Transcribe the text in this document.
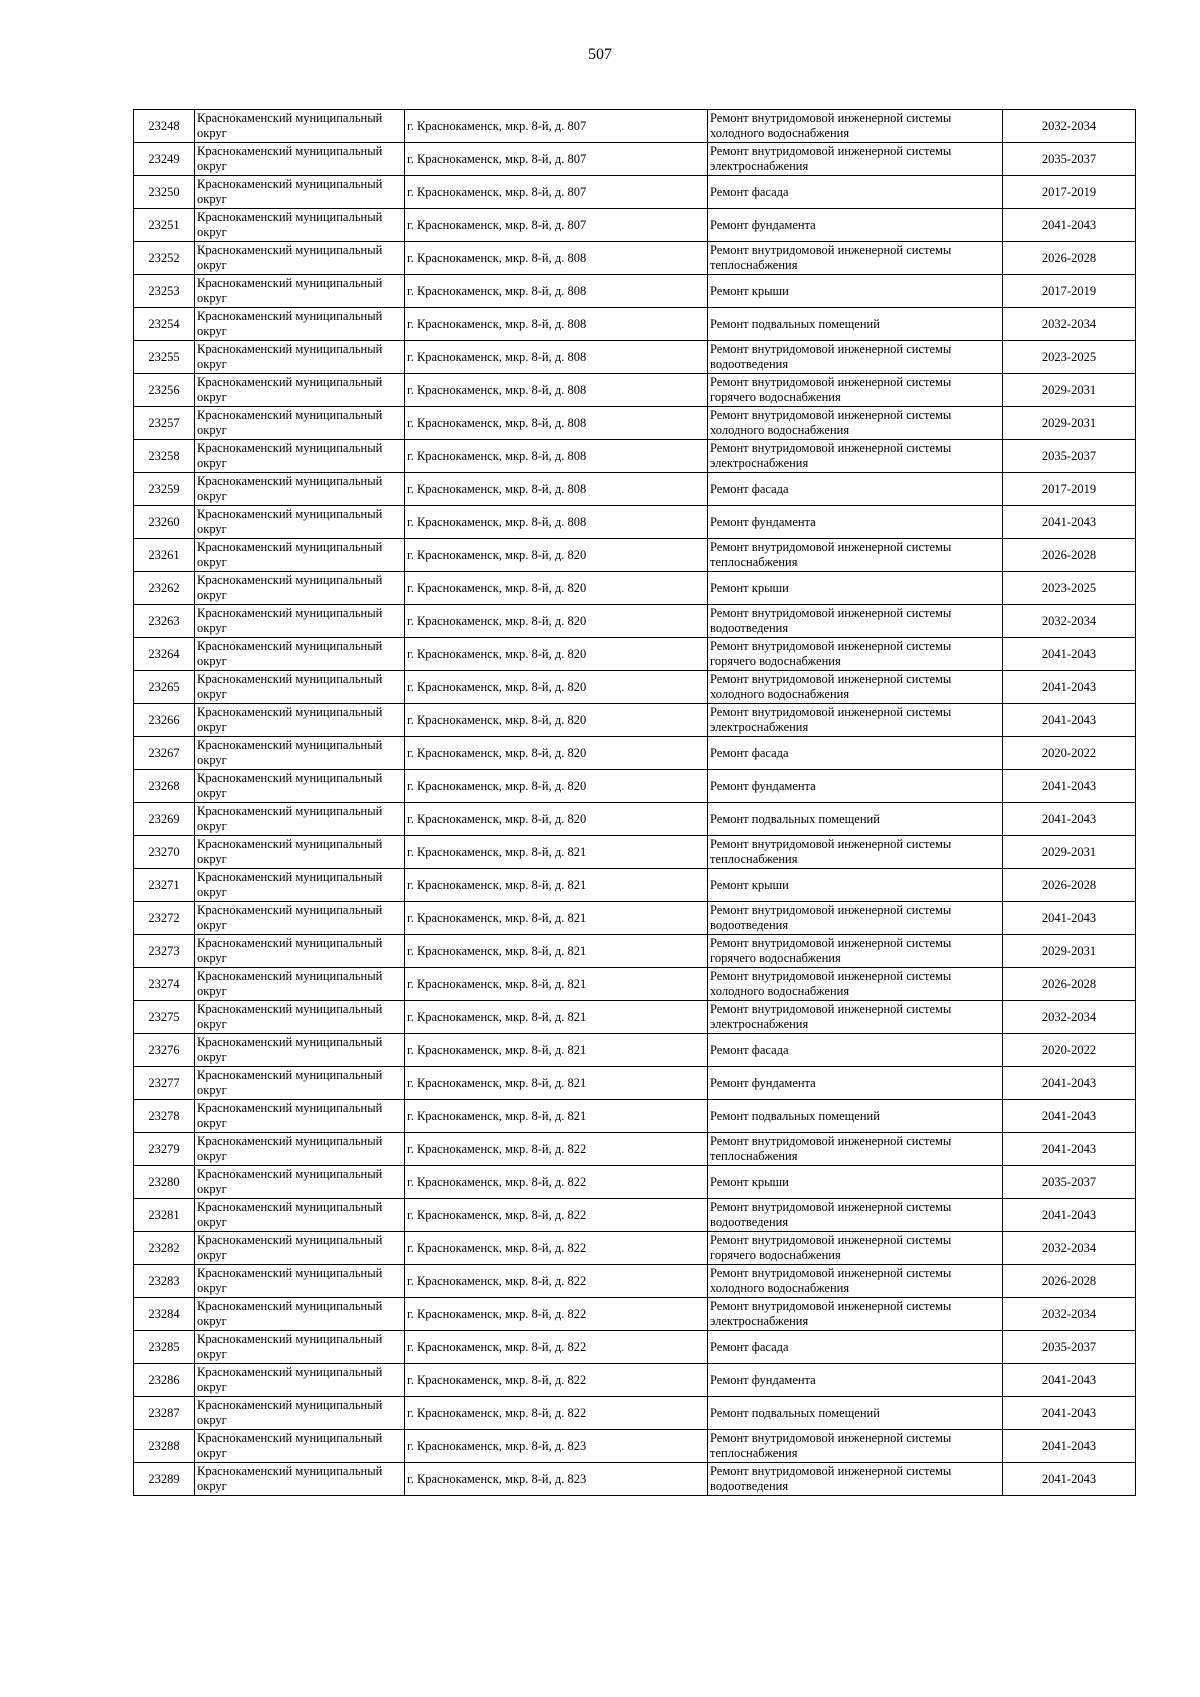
507
23248	Краснокаменский муниципальный округ	г. Краснокаменск, мкр. 8-й, д. 807	Ремонт внутридомовой инженерной системы холодного водоснабжения	2032-2034
23249	Краснокаменский муниципальный округ	г. Краснокаменск, мкр. 8-й, д. 807	Ремонт внутридомовой инженерной системы электроснабжения	2035-2037
23250	Краснокаменский муниципальный округ	г. Краснокаменск, мкр. 8-й, д. 807	Ремонт фасада	2017-2019
23251	Краснокаменский муниципальный округ	г. Краснокаменск, мкр. 8-й, д. 807	Ремонт фундамента	2041-2043
23252	Краснокаменский муниципальный округ	г. Краснокаменск, мкр. 8-й, д. 808	Ремонт внутридомовой инженерной системы теплоснабжения	2026-2028
23253	Краснокаменский муниципальный округ	г. Краснокаменск, мкр. 8-й, д. 808	Ремонт крыши	2017-2019
23254	Краснокаменский муниципальный округ	г. Краснокаменск, мкр. 8-й, д. 808	Ремонт подвальных помещений	2032-2034
23255	Краснокаменский муниципальный округ	г. Краснокаменск, мкр. 8-й, д. 808	Ремонт внутридомовой инженерной системы водоотведения	2023-2025
23256	Краснокаменский муниципальный округ	г. Краснокаменск, мкр. 8-й, д. 808	Ремонт внутридомовой инженерной системы горячего водоснабжения	2029-2031
23257	Краснокаменский муниципальный округ	г. Краснокаменск, мкр. 8-й, д. 808	Ремонт внутридомовой инженерной системы холодного водоснабжения	2029-2031
23258	Краснокаменский муниципальный округ	г. Краснокаменск, мкр. 8-й, д. 808	Ремонт внутридомовой инженерной системы электроснабжения	2035-2037
23259	Краснокаменский муниципальный округ	г. Краснокаменск, мкр. 8-й, д. 808	Ремонт фасада	2017-2019
23260	Краснокаменский муниципальный округ	г. Краснокаменск, мкр. 8-й, д. 808	Ремонт фундамента	2041-2043
23261	Краснокаменский муниципальный округ	г. Краснокаменск, мкр. 8-й, д. 820	Ремонт внутридомовой инженерной системы теплоснабжения	2026-2028
23262	Краснокаменский муниципальный округ	г. Краснокаменск, мкр. 8-й, д. 820	Ремонт крыши	2023-2025
23263	Краснокаменский муниципальный округ	г. Краснокаменск, мкр. 8-й, д. 820	Ремонт внутридомовой инженерной системы водоотведения	2032-2034
23264	Краснокаменский муниципальный округ	г. Краснокаменск, мкр. 8-й, д. 820	Ремонт внутридомовой инженерной системы горячего водоснабжения	2041-2043
23265	Краснокаменский муниципальный округ	г. Краснокаменск, мкр. 8-й, д. 820	Ремонт внутридомовой инженерной системы холодного водоснабжения	2041-2043
23266	Краснокаменский муниципальный округ	г. Краснокаменск, мкр. 8-й, д. 820	Ремонт внутридомовой инженерной системы электроснабжения	2041-2043
23267	Краснокаменский муниципальный округ	г. Краснокаменск, мкр. 8-й, д. 820	Ремонт фасада	2020-2022
23268	Краснокаменский муниципальный округ	г. Краснокаменск, мкр. 8-й, д. 820	Ремонт фундамента	2041-2043
23269	Краснокаменский муниципальный округ	г. Краснокаменск, мкр. 8-й, д. 820	Ремонт подвальных помещений	2041-2043
23270	Краснокаменский муниципальный округ	г. Краснокаменск, мкр. 8-й, д. 821	Ремонт внутридомовой инженерной системы теплоснабжения	2029-2031
23271	Краснокаменский муниципальный округ	г. Краснокаменск, мкр. 8-й, д. 821	Ремонт крыши	2026-2028
23272	Краснокаменский муниципальный округ	г. Краснокаменск, мкр. 8-й, д. 821	Ремонт внутридомовой инженерной системы водоотведения	2041-2043
23273	Краснокаменский муниципальный округ	г. Краснокаменск, мкр. 8-й, д. 821	Ремонт внутридомовой инженерной системы горячего водоснабжения	2029-2031
23274	Краснокаменский муниципальный округ	г. Краснокаменск, мкр. 8-й, д. 821	Ремонт внутридомовой инженерной системы холодного водоснабжения	2026-2028
23275	Краснокаменский муниципальный округ	г. Краснокаменск, мкр. 8-й, д. 821	Ремонт внутридомовой инженерной системы электроснабжения	2032-2034
23276	Краснокаменский муниципальный округ	г. Краснокаменск, мкр. 8-й, д. 821	Ремонт фасада	2020-2022
23277	Краснокаменский муниципальный округ	г. Краснокаменск, мкр. 8-й, д. 821	Ремонт фундамента	2041-2043
23278	Краснокаменский муниципальный округ	г. Краснокаменск, мкр. 8-й, д. 821	Ремонт подвальных помещений	2041-2043
23279	Краснокаменский муниципальный округ	г. Краснокаменск, мкр. 8-й, д. 822	Ремонт внутридомовой инженерной системы теплоснабжения	2041-2043
23280	Краснокаменский муниципальный округ	г. Краснокаменск, мкр. 8-й, д. 822	Ремонт крыши	2035-2037
23281	Краснокаменский муниципальный округ	г. Краснокаменск, мкр. 8-й, д. 822	Ремонт внутридомовой инженерной системы водоотведения	2041-2043
23282	Краснокаменский муниципальный округ	г. Краснокаменск, мкр. 8-й, д. 822	Ремонт внутридомовой инженерной системы горячего водоснабжения	2032-2034
23283	Краснокаменский муниципальный округ	г. Краснокаменск, мкр. 8-й, д. 822	Ремонт внутридомовой инженерной системы холодного водоснабжения	2026-2028
23284	Краснокаменский муниципальный округ	г. Краснокаменск, мкр. 8-й, д. 822	Ремонт внутридомовой инженерной системы электроснабжения	2032-2034
23285	Краснокаменский муниципальный округ	г. Краснокаменск, мкр. 8-й, д. 822	Ремонт фасада	2035-2037
23286	Краснокаменский муниципальный округ	г. Краснокаменск, мкр. 8-й, д. 822	Ремонт фундамента	2041-2043
23287	Краснокаменский муниципальный округ	г. Краснокаменск, мкр. 8-й, д. 822	Ремонт подвальных помещений	2041-2043
23288	Краснокаменский муниципальный округ	г. Краснокаменск, мкр. 8-й, д. 823	Ремонт внутридомовой инженерной системы теплоснабжения	2041-2043
23289	Краснокаменский муниципальный округ	г. Краснокаменск, мкр. 8-й, д. 823	Ремонт внутридомовой инженерной системы водоотведения	2041-2043
